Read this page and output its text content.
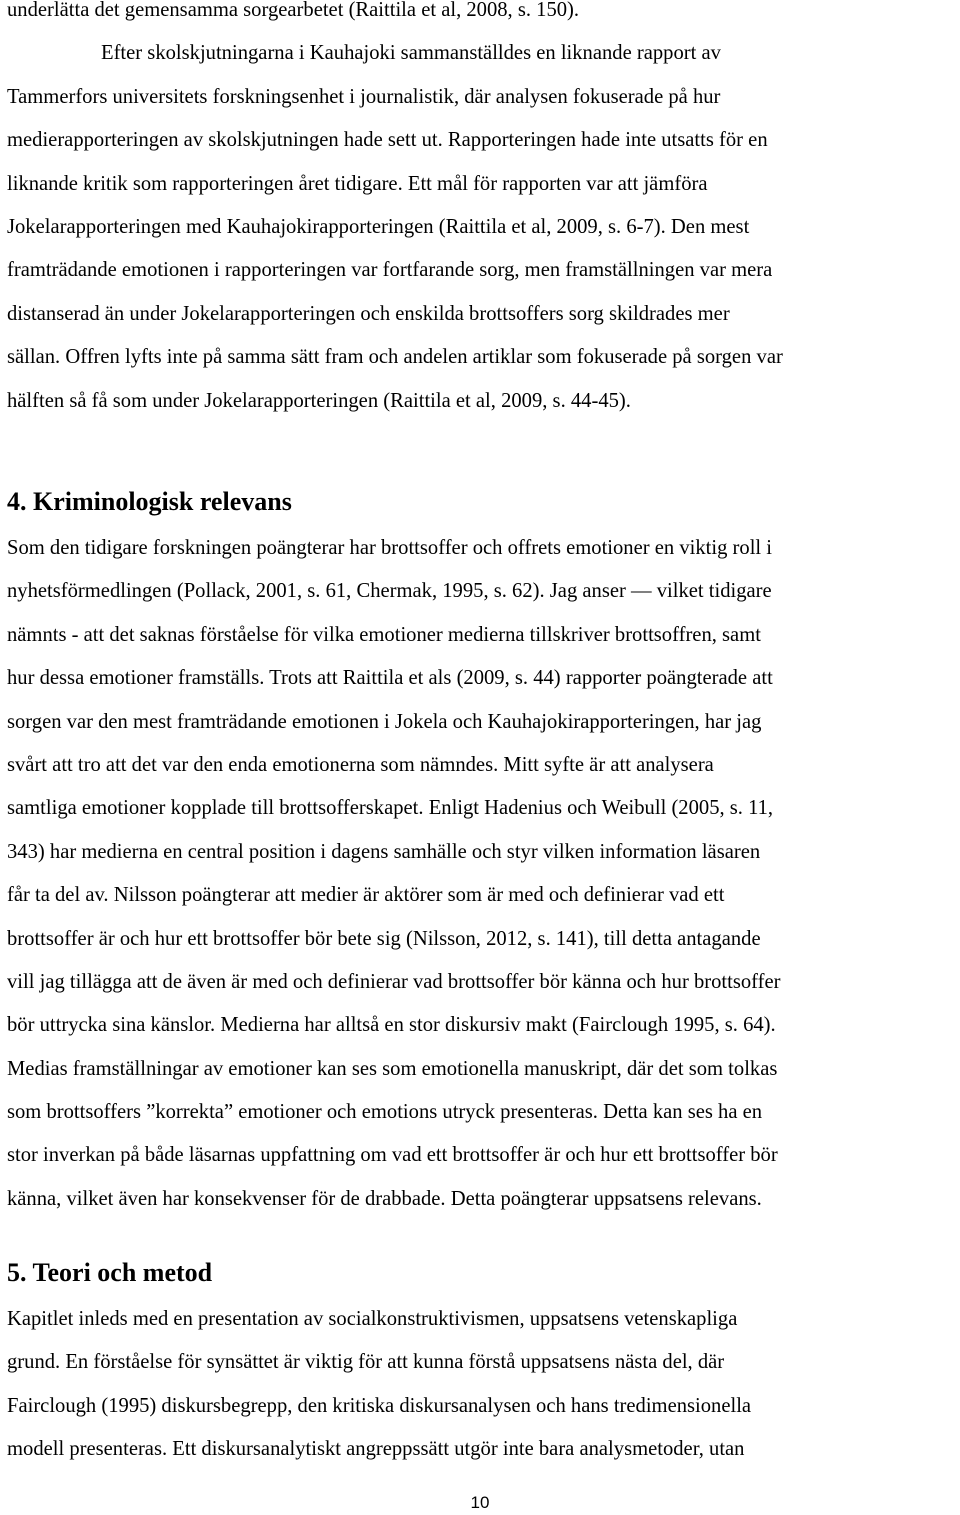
underlätta det gemensamma sorgearbetet (Raittila et al, 2008, s. 150).
Efter skolskjutningarna i Kauhajoki sammanställdes en liknande rapport av
Tammerfors universitets forskningsenhet i journalistik, där analysen fokuserade på hur
medierapporteringen av skolskjutningen hade sett ut. Rapporteringen hade inte utsatts för en
liknande kritik som rapporteringen året tidigare. Ett mål för rapporten var att jämföra
Jokelarapporteringen med Kauhajokirapporteringen (Raittila et al, 2009, s. 6-7). Den mest
framträdande emotionen i rapporteringen var fortfarande sorg, men framställningen var mera
distanserad än under Jokelarapporteringen och enskilda brottsoffers sorg skildrades mer
sällan. Offren lyfts inte på samma sätt fram och andelen artiklar som fokuserade på sorgen var
hälften så få som under Jokelarapporteringen (Raittila et al, 2009, s. 44-45).
4. Kriminologisk relevans
Som den tidigare forskningen poängterar har brottsoffer och offrets emotioner en viktig roll i
nyhetsförmedlingen (Pollack, 2001, s. 61, Chermak, 1995, s. 62). Jag anser — vilket tidigare
nämnts - att det saknas förståelse för vilka emotioner medierna tillskriver brottsoffren, samt
hur dessa emotioner framställs. Trots att Raittila et als (2009, s. 44) rapporter poängterade att
sorgen var den mest framträdande emotionen i Jokela och Kauhajokirapporteringen, har jag
svårt att tro att det var den enda emotionerna som nämndes. Mitt syfte är att analysera
samtliga emotioner kopplade till brottsofferskapet. Enligt Hadenius och Weibull (2005, s. 11,
343) har medierna en central position i dagens samhälle och styr vilken information läsaren
får ta del av. Nilsson poängterar att medier är aktörer som är med och definierar vad ett
brottsoffer är och hur ett brottsoffer bör bete sig (Nilsson, 2012, s. 141), till detta antagande
vill jag tillägga att de även är med och definierar vad brottsoffer bör känna och hur brottsoffer
bör uttrycka sina känslor. Medierna har alltså en stor diskursiv makt (Fairclough 1995, s. 64).
Medias framställningar av emotioner kan ses som emotionella manuskript, där det som tolkas
som brottsoffers ”korrekta” emotioner och emotions utryck presenteras. Detta kan ses ha en
stor inverkan på både läsarnas uppfattning om vad ett brottsoffer är och hur ett brottsoffer bör
känna, vilket även har konsekvenser för de drabbade. Detta poängterar uppsatsens relevans.
5. Teori och metod
Kapitlet inleds med en presentation av socialkonstruktivismen, uppsatsens vetenskapliga
grund. En förståelse för synsättet är viktig för att kunna förstå uppsatsens nästa del, där
Fairclough (1995) diskursbegrepp, den kritiska diskursanalysen och hans tredimensionella
modell presenteras. Ett diskursanalytiskt angreppssätt utgör inte bara analysmetoder, utan
10
